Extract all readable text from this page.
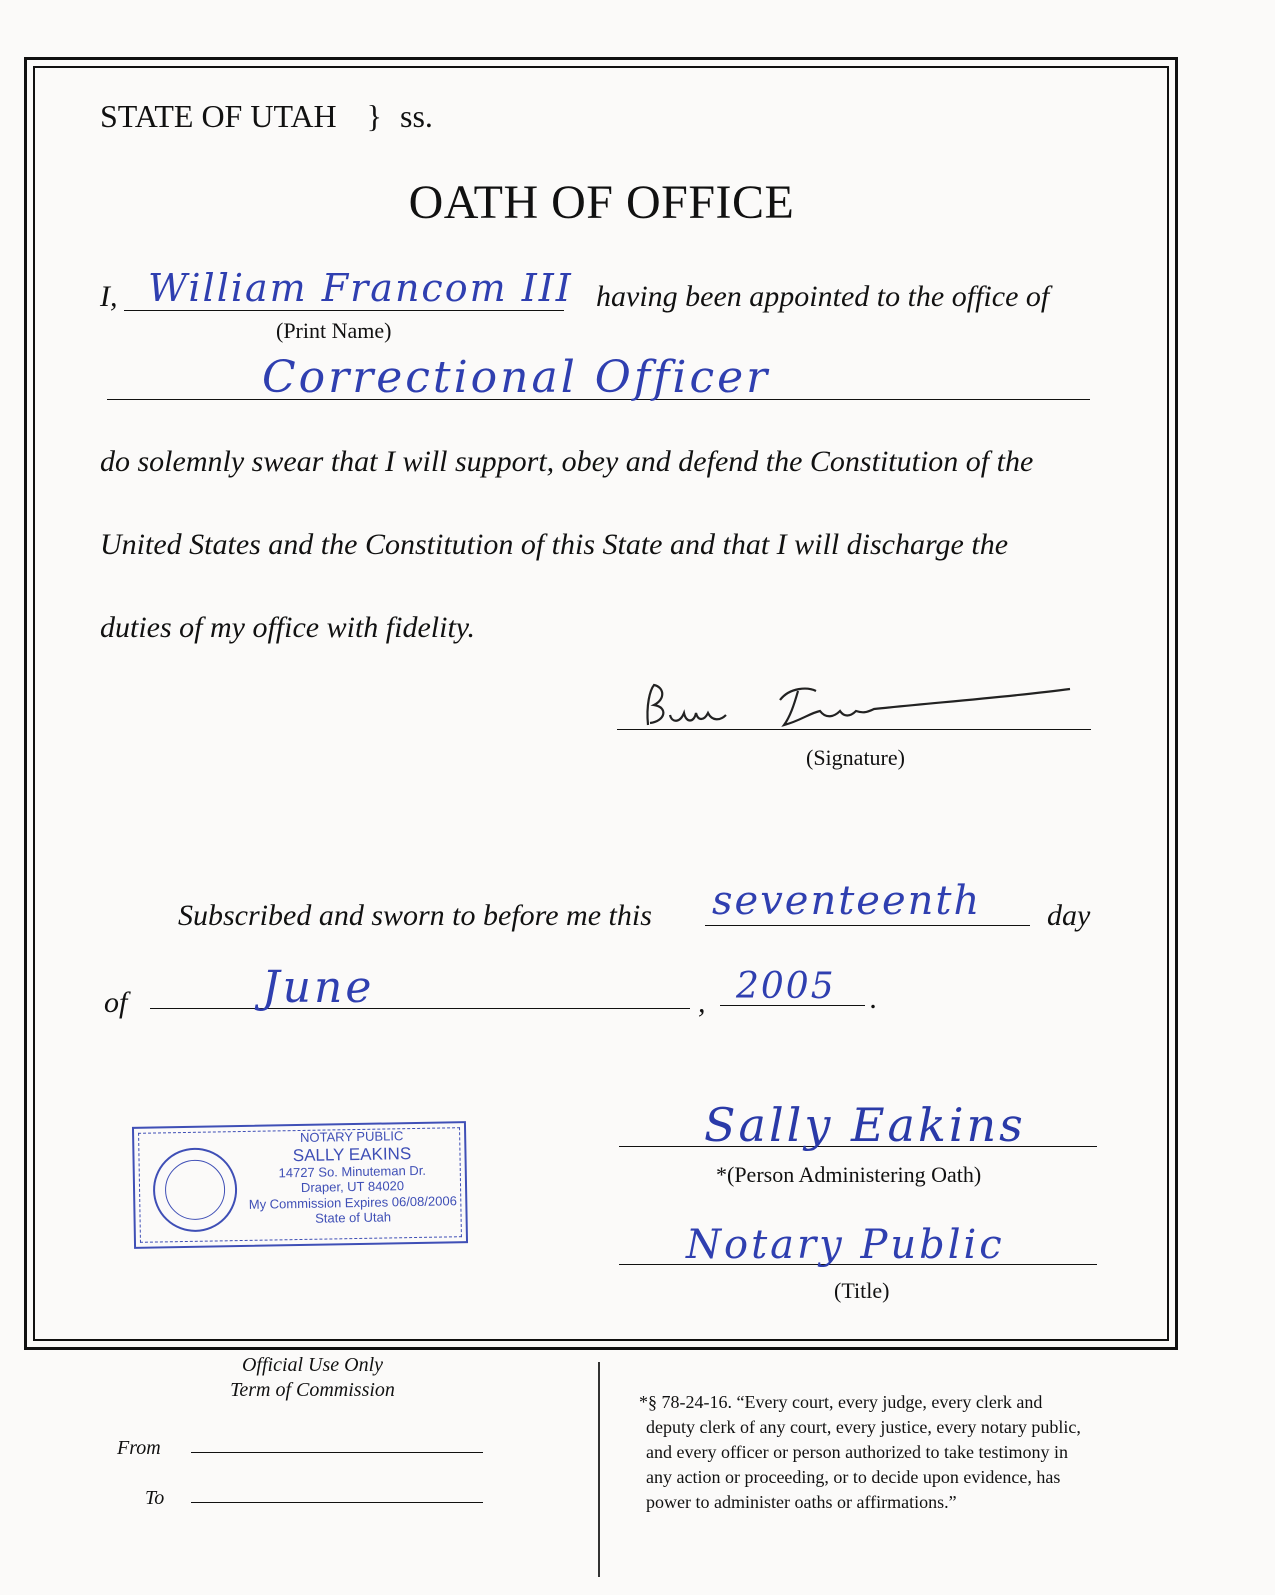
STATE OF UTAH } ss.
OATH OF OFFICE
I, William Francom III having been appointed to the office of
(Print Name)
Correctional Officer
do solemnly swear that I will support, obey and defend the Constitution of the
United States and the Constitution of this State and that I will discharge the
duties of my office with fidelity.
(Signature)
Subscribed and sworn to before me this seventeenth day
of	June	, 2005 .
NOTARY PUBLIC
SALLY EAKINS
14727 So. Minuteman Dr.
Draper, UT 84020
My Commission Expires 06/08/2006
State of Utah
Sally Eakins
*(Person Administering Oath)
Notary Public
(Title)
Official Use Only
Term of Commission
From
To
*§ 78-24-16. “Every court, every judge, every clerk and
deputy clerk of any court, every justice, every notary public,
and every officer or person authorized to take testimony in
any action or proceeding, or to decide upon evidence, has
power to administer oaths or affirmations.”
